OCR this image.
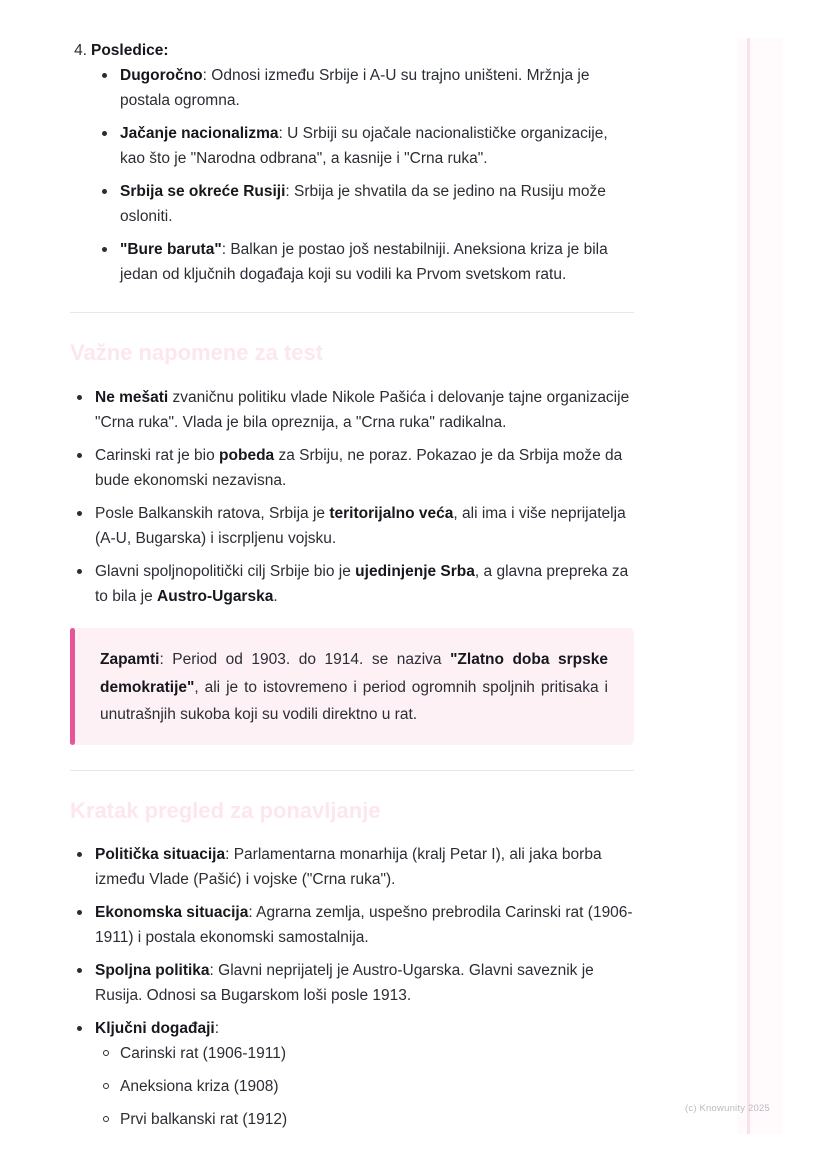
(c) Knowunity 2025
4. Posledice:
Dugoročno: Odnosi između Srbije i A-U su trajno uništeni. Mržnja je postala ogromna.
Jačanje nacionalizma: U Srbiji su ojačale nacionalističke organizacije, kao što je "Narodna odbrana", a kasnije i "Crna ruka".
Srbija se okreće Rusiji: Srbija je shvatila da se jedino na Rusiju može osloniti.
"Bure baruta": Balkan je postao još nestabilniji. Aneksiona kriza je bila jedan od ključnih događaja koji su vodili ka Prvom svetskom ratu.
Važne napomene za test
Ne mešati zvaničnu politiku vlade Nikole Pašića i delovanje tajne organizacije "Crna ruka". Vlada je bila opreznija, a "Crna ruka" radikalna.
Carinski rat je bio pobeda za Srbiju, ne poraz. Pokazao je da Srbija može da bude ekonomski nezavisna.
Posle Balkanskih ratova, Srbija je teritorijalno veća, ali ima i više neprijatelja (A-U, Bugarska) i iscrpljenu vojsku.
Glavni spoljnopolitički cilj Srbije bio je ujedinjenje Srba, a glavna prepreka za to bila je Austro-Ugarska.
Zapamti: Period od 1903. do 1914. se naziva "Zlatno doba srpske demokratije", ali je to istovremeno i period ogromnih spoljnih pritisaka i unutrašnjih sukoba koji su vodili direktno u rat.
Kratak pregled za ponavljanje
Politička situacija: Parlamentarna monarhija (kralj Petar I), ali jaka borba između Vlade (Pašić) i vojske ("Crna ruka").
Ekonomska situacija: Agrarna zemlja, uspešno prebrodila Carinski rat (1906-1911) i postala ekonomski samostalnija.
Spoljna politika: Glavni neprijatelj je Austro-Ugarska. Glavni saveznik je Rusija. Odnosi sa Bugarskom loši posle 1913.
Ključni događaji:
Carinski rat (1906-1911)
Aneksiona kriza (1908)
Prvi balkanski rat (1912)
